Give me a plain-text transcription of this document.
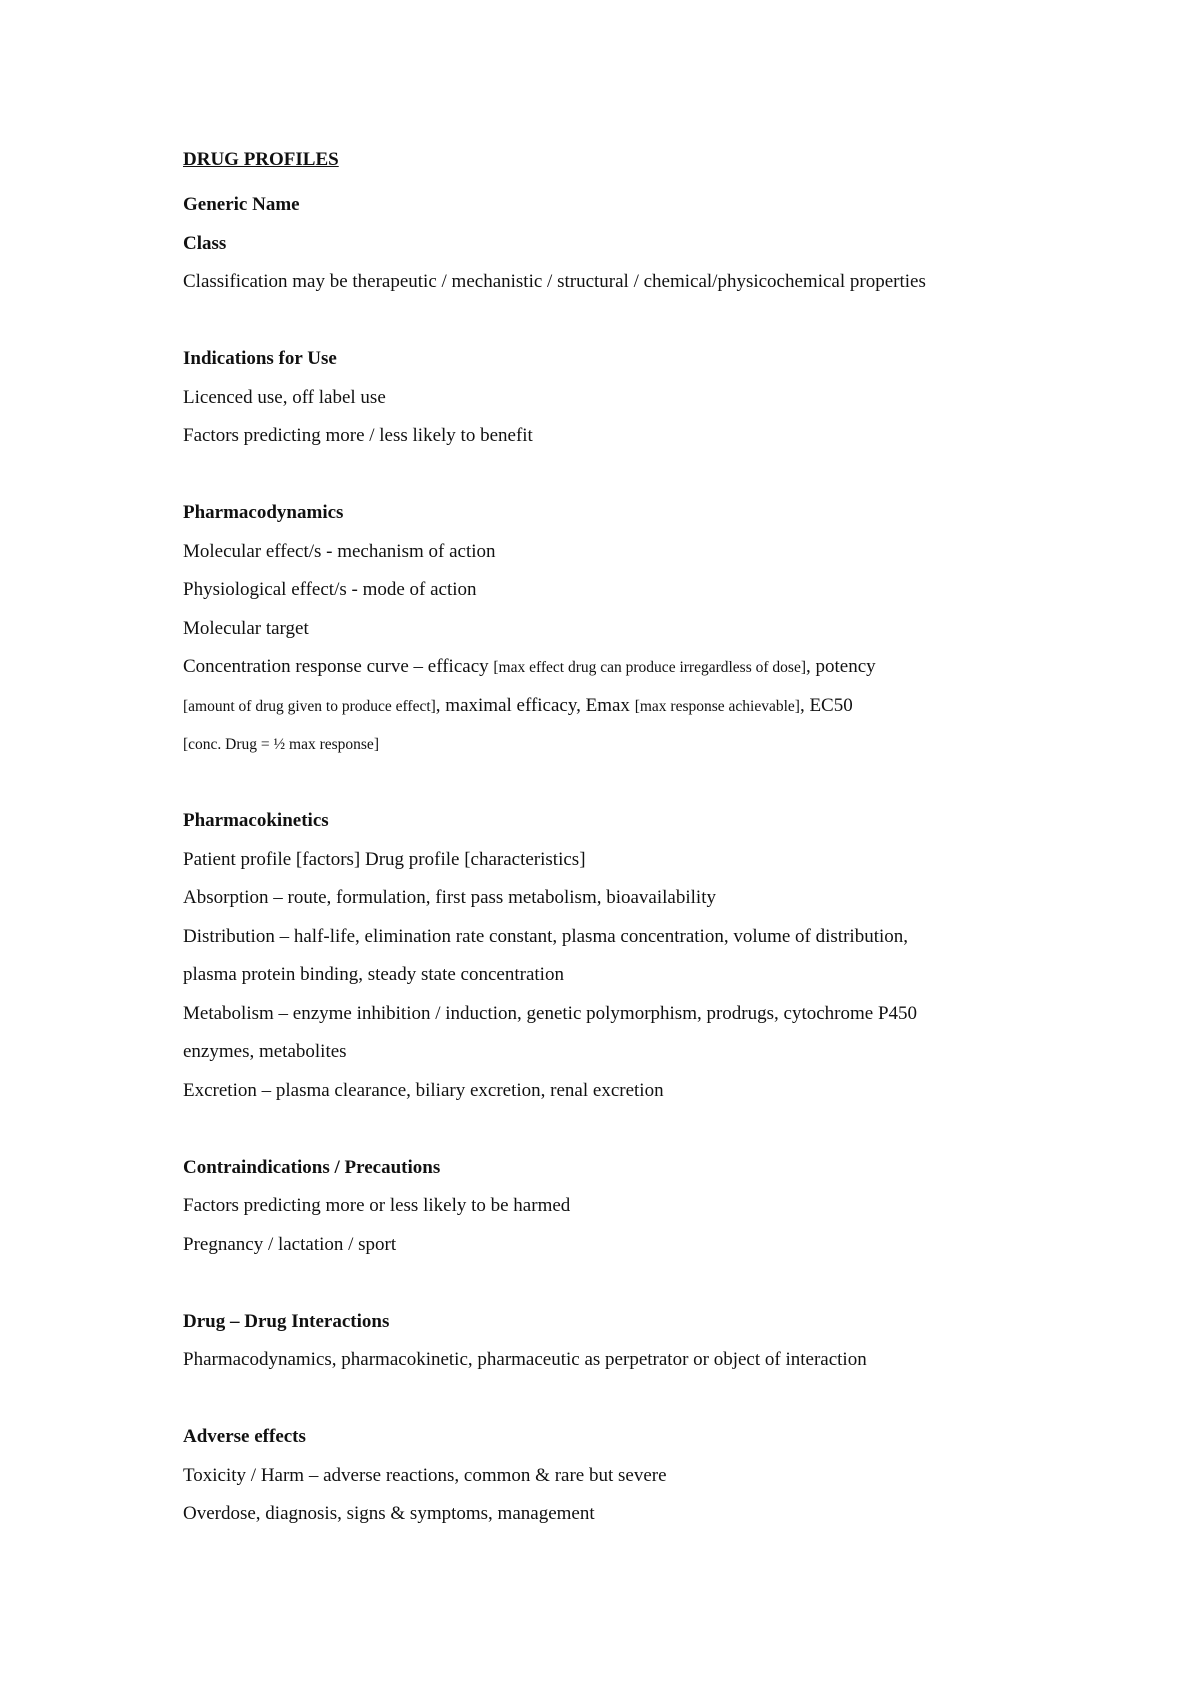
DRUG PROFILES
Generic Name
Class
Classification may be therapeutic / mechanistic / structural / chemical/physicochemical properties
Indications for Use
Licenced use, off label use
Factors predicting more / less likely to benefit
Pharmacodynamics
Molecular effect/s - mechanism of action
Physiological effect/s - mode of action
Molecular target
Concentration response curve – efficacy [max effect drug can produce irregardless of dose], potency
[amount of drug given to produce effect], maximal efficacy, Emax [max response achievable], EC50
[conc. Drug = ½ max response]
Pharmacokinetics
Patient profile [factors] Drug profile [characteristics]
Absorption – route, formulation, first pass metabolism, bioavailability
Distribution – half-life, elimination rate constant, plasma concentration, volume of distribution,
plasma protein binding, steady state concentration
Metabolism – enzyme inhibition / induction, genetic polymorphism, prodrugs, cytochrome P450
enzymes, metabolites
Excretion – plasma clearance, biliary excretion, renal excretion
Contraindications / Precautions
Factors predicting more or less likely to be harmed
Pregnancy / lactation / sport
Drug – Drug Interactions
Pharmacodynamics, pharmacokinetic, pharmaceutic as perpetrator or object of interaction
Adverse effects
Toxicity / Harm – adverse reactions, common & rare but severe
Overdose, diagnosis, signs & symptoms, management
